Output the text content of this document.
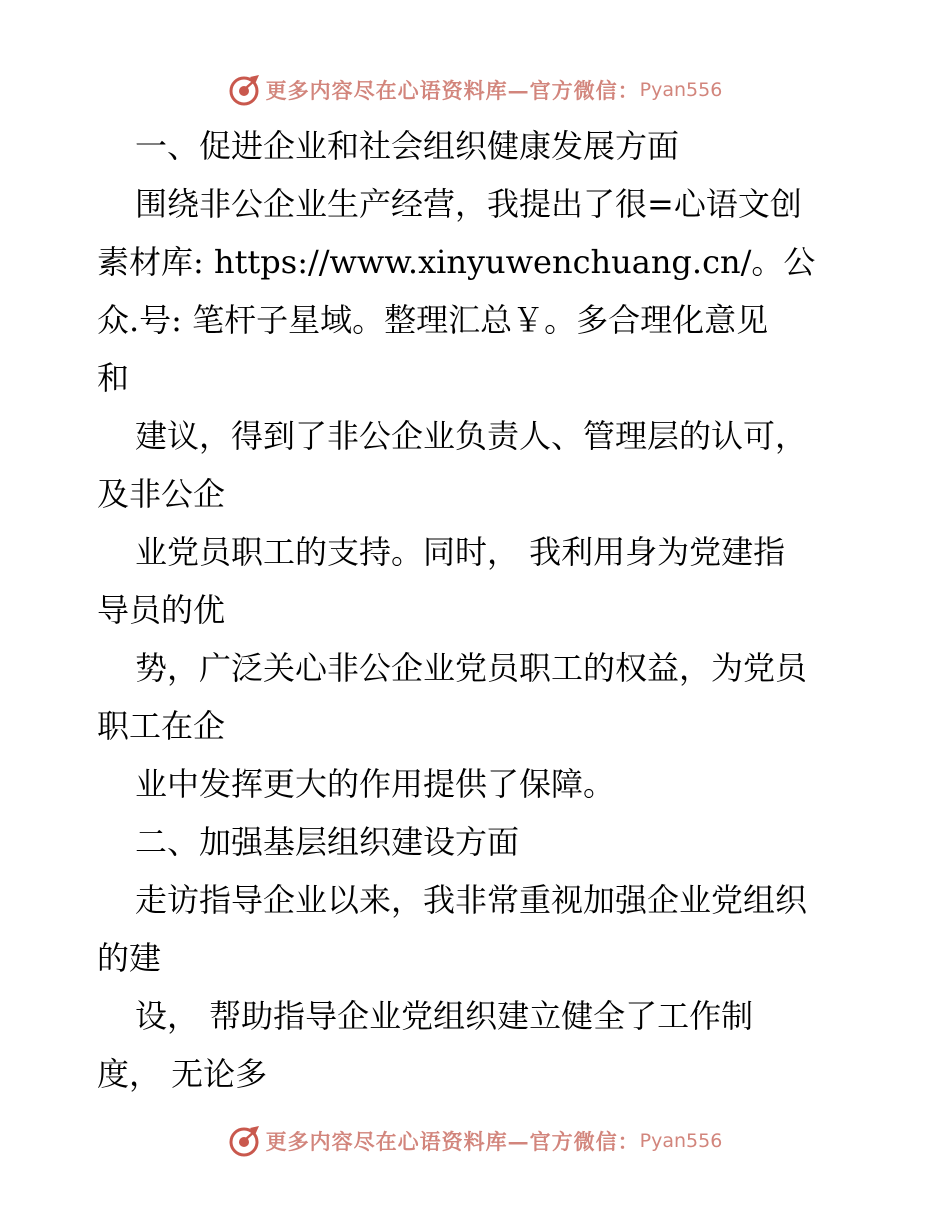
更多内容尽在心语资料库—官方微信： Pyan556
一、促进企业和社会组织健康发展方面
围绕非公企业生产经营，我提出了很=心语文创
素材库: https://www.xinyuwenchuang.cn/。公
众.号: 笔杆子星域。整理汇总￥。多合理化意见
和
建议，得到了非公企业负责人、管理层的认可，
及非公企
业党员职工的支持。同时， 我利用身为党建指
导员的优
势，广泛关心非公企业党员职工的权益，为党员
职工在企
业中发挥更大的作用提供了保障。
二、加强基层组织建设方面
走访指导企业以来，我非常重视加强企业党组织
的建
设， 帮助指导企业党组织建立健全了工作制
度， 无论多
更多内容尽在心语资料库—官方微信： Pyan556
